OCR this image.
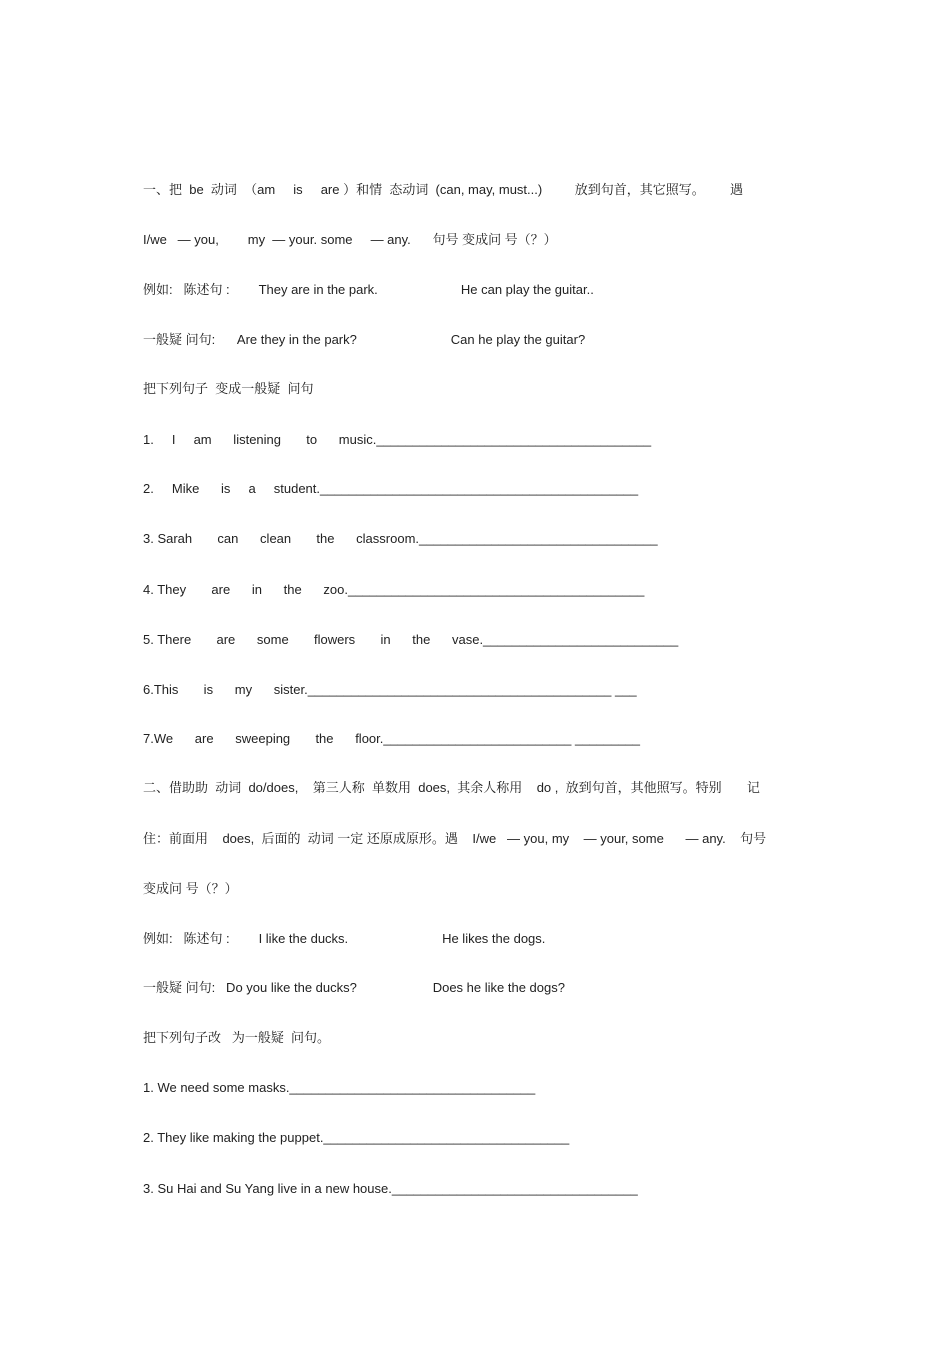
一、把  be  动词  （am     is     are ）和情  态动词  (can, may, must...)         放到句首，其它照写。       遇
I/we   — you,        my  — your. some     — any.      句号 变成问 号（？）
例如:   陈述句 :        They are in the park.                       He can play the guitar..
一般疑 问句:      Are they in the park?                          Can he play the guitar?
把下列句子  变成一般疑  问句
1.     I     am      listening       to      music.______________________________________
2.     Mike      is     a     student.____________________________________________
3. Sarah       can      clean       the      classroom._________________________________
4. They       are      in      the      zoo._________________________________________
5. There       are      some       flowers       in      the      vase.___________________________
6.This       is      my      sister.__________________________________________ ___
7.We      are      sweeping       the      floor.__________________________ _________
二、借助助  动词  do/does,    第三人称  单数用  does,  其余人称用    do ,  放到句首，其他照写。特别       记
住：前面用    does,  后面的  动词 一定 还原成原形。遇    I/we   — you, my    — your, some      — any.    句号
变成问 号（？）
例如:   陈述句 :        I like the ducks.                          He likes the dogs.
一般疑 问句:   Do you like the ducks?                     Does he like the dogs?
把下列句子改   为一般疑  问句。
1. We need some masks.__________________________________
2. They like making the puppet.__________________________________
3. Su Hai and Su Yang live in a new house.__________________________________
